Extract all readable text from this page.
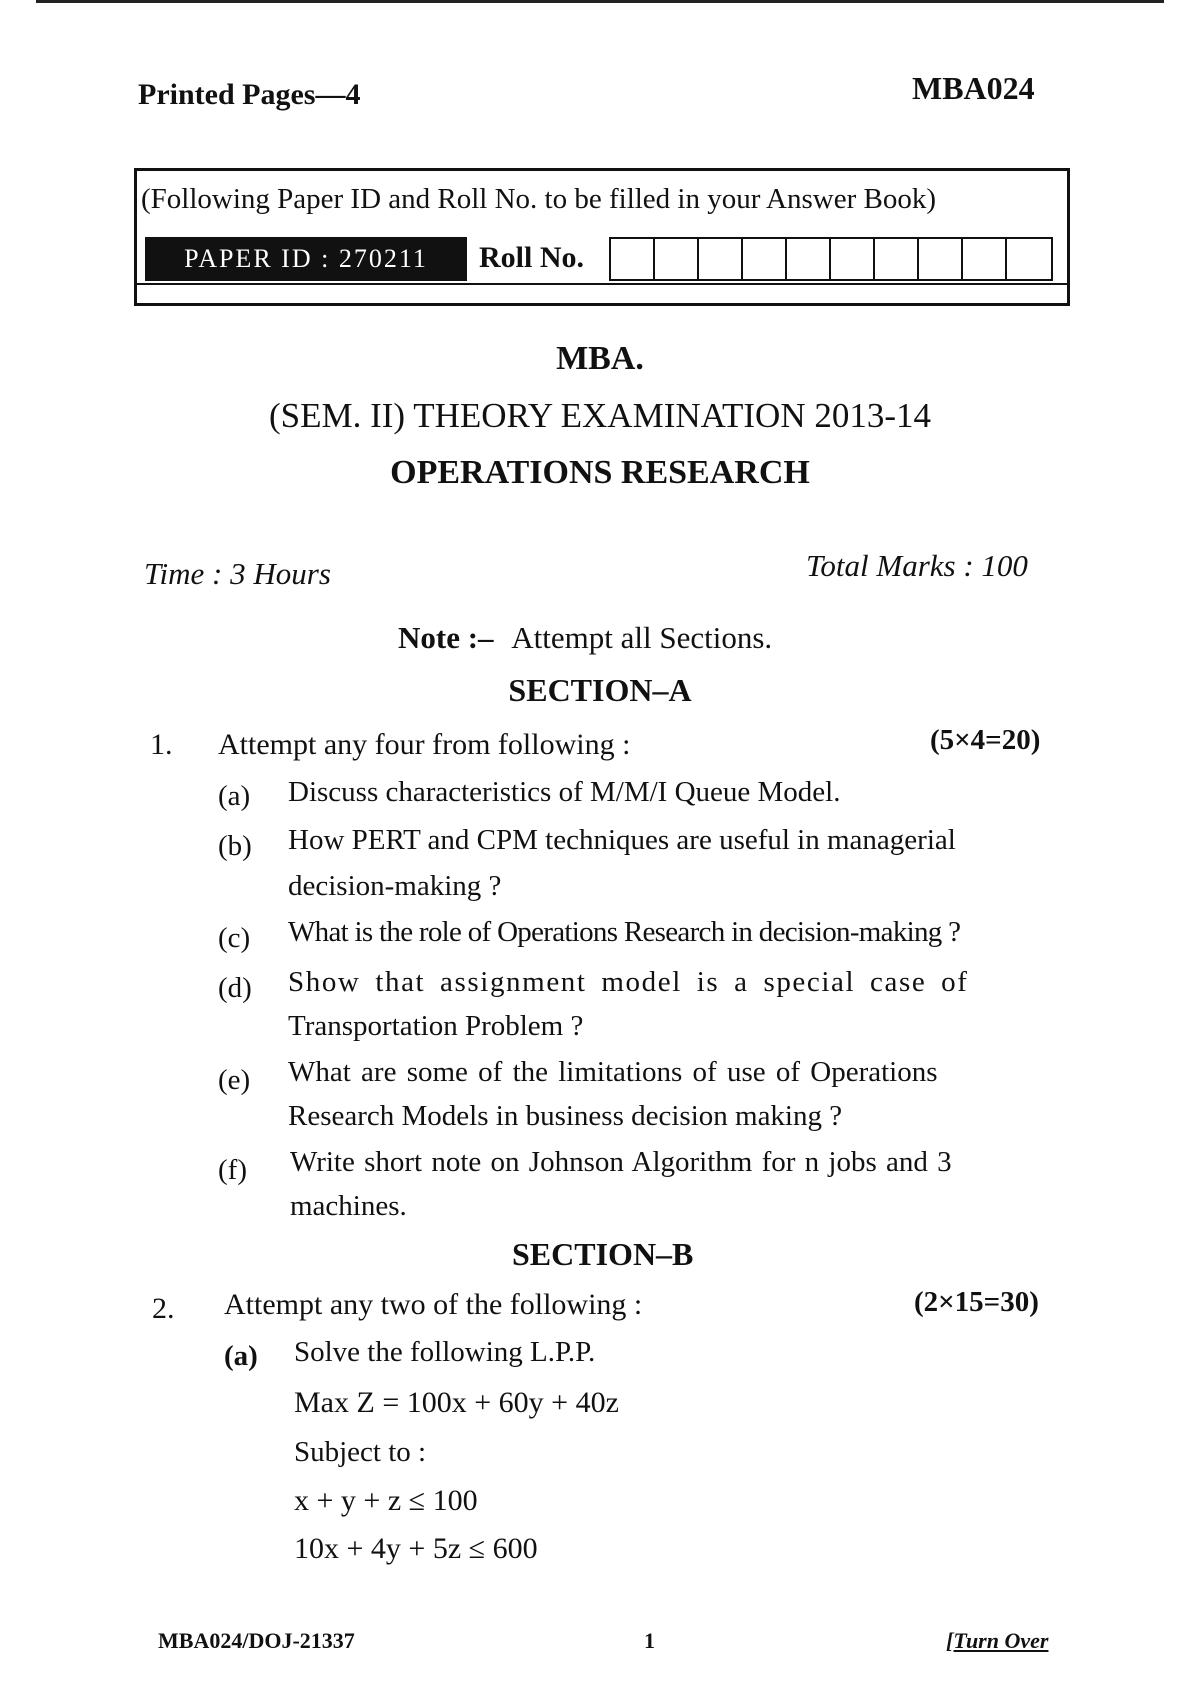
Printed Pages—4	MBA024
(Following Paper ID and Roll No. to be filled in your Answer Book)
PAPER ID : 270211	Roll No.
MBA.
(SEM. II) THEORY EXAMINATION 2013-14
OPERATIONS RESEARCH
Time : 3 Hours	Total Marks : 100
Note :– Attempt all Sections.
SECTION–A
1. Attempt any four from following :	(5×4=20)
(a) Discuss characteristics of M/M/I Queue Model.
(b) How PERT and CPM techniques are useful in managerial
decision-making ?
(c) What is the role of Operations Research in decision-making ?
(d) Show that assignment model is a special case of
Transportation Problem ?
(e) What are some of the limitations of use of Operations
Research Models in business decision making ?
(f) Write short note on Johnson Algorithm for n jobs and 3
machines.
SECTION–B
2. Attempt any two of the following :	(2×15=30)
(a) Solve the following L.P.P.
Max Z = 100x + 60y + 40z
Subject to :
x + y + z ≤ 100
10x + 4y + 5z ≤ 600
MBA024/DOJ-21337	1	[Turn Over
